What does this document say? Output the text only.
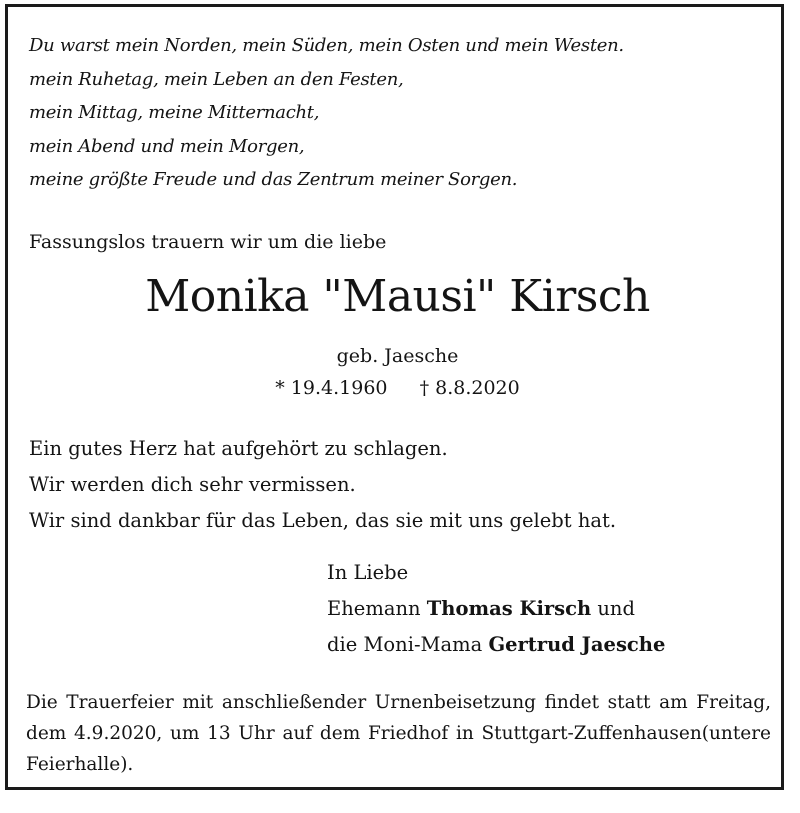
Du warst mein Norden, mein Süden, mein Osten und mein Westen.
mein Ruhetag, mein Leben an den Festen,
mein Mittag, meine Mitternacht,
mein Abend und mein Morgen,
meine größte Freude und das Zentrum meiner Sorgen.
Fassungslos trauern wir um die liebe
Monika "Mausi" Kirsch
geb. Jaesche
* 19.4.1960 † 8.8.2020
Ein gutes Herz hat aufgehört zu schlagen.
Wir werden dich sehr vermissen.
Wir sind dankbar für das Leben, das sie mit uns gelebt hat.
In Liebe
Ehemann Thomas Kirsch und
die Moni-Mama Gertrud Jaesche
Die Trauerfeier mit anschließender Urnenbeisetzung findet statt am Freitag, dem 4.9.2020, um 13 Uhr auf dem Friedhof in Stuttgart-Zuffenhausen(untere Feierhalle).
